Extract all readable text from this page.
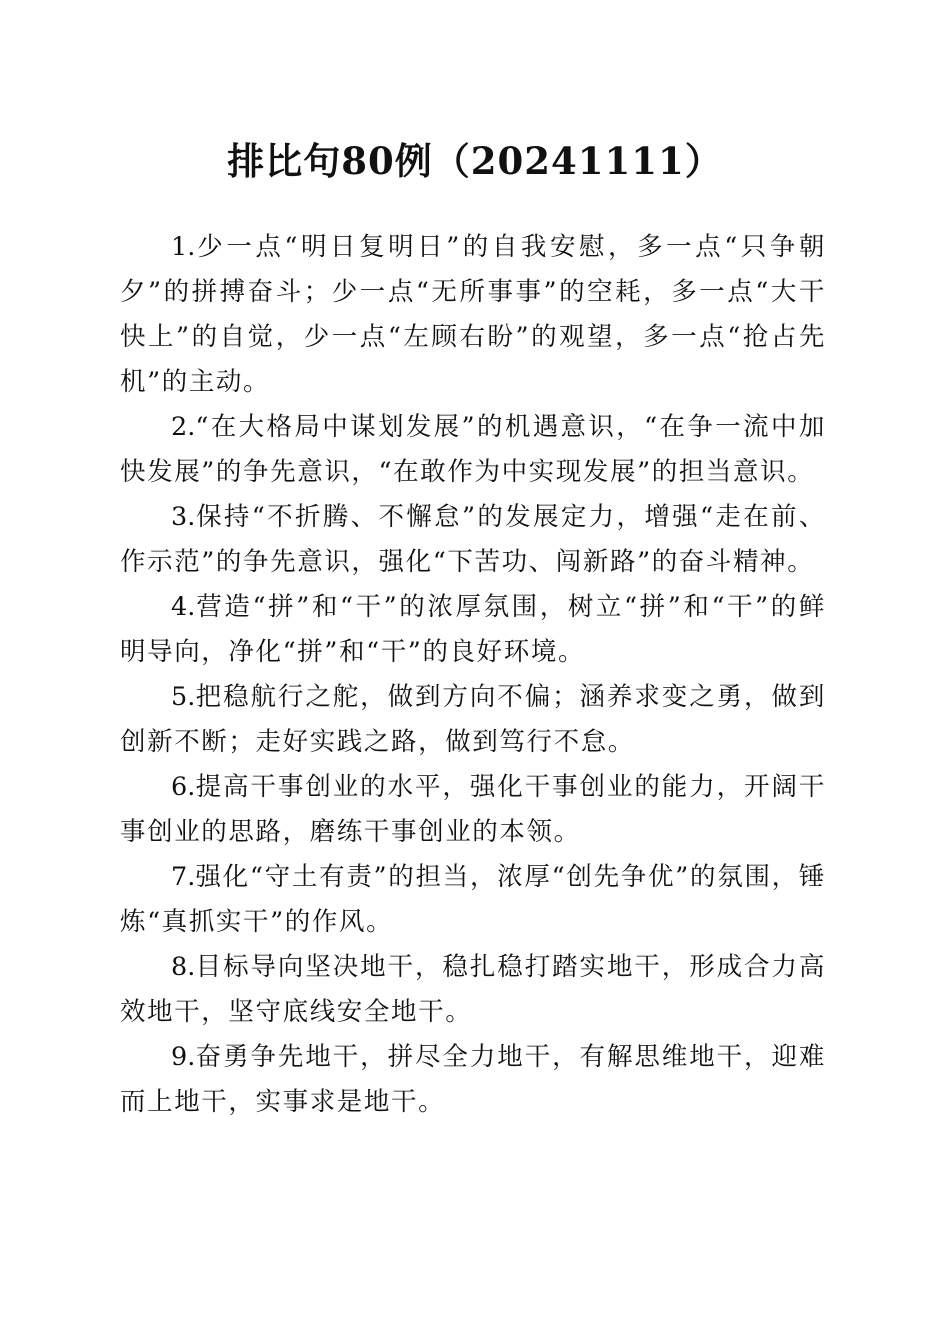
排比句80例（20241111）

1.少一点“明日复明日”的自我安慰，多一点“只争朝夕”的拼搏奋斗；少一点“无所事事”的空耗，多一点“大干快上”的自觉，少一点“左顾右盼”的观望，多一点“抢占先机”的主动。

2.“在大格局中谋划发展”的机遇意识，“在争一流中加快发展”的争先意识，“在敢作为中实现发展”的担当意识。

3.保持“不折腾、不懈怠”的发展定力，增强“走在前、作示范”的争先意识，强化“下苦功、闯新路”的奋斗精神。

4.营造“拼”和“干”的浓厚氛围，树立“拼”和“干”的鲜明导向，净化“拼”和“干”的良好环境。

5.把稳航行之舵，做到方向不偏；涵养求变之勇，做到创新不断；走好实践之路，做到笃行不怠。

6.提高干事创业的水平，强化干事创业的能力，开阔干事创业的思路，磨练干事创业的本领。

7.强化“守土有责”的担当，浓厚“创先争优”的氛围，锤炼“真抓实干”的作风。

8.目标导向坚决地干，稳扎稳打踏实地干，形成合力高效地干，坚守底线安全地干。

9.奋勇争先地干，拼尽全力地干，有解思维地干，迎难而上地干，实事求是地干。
